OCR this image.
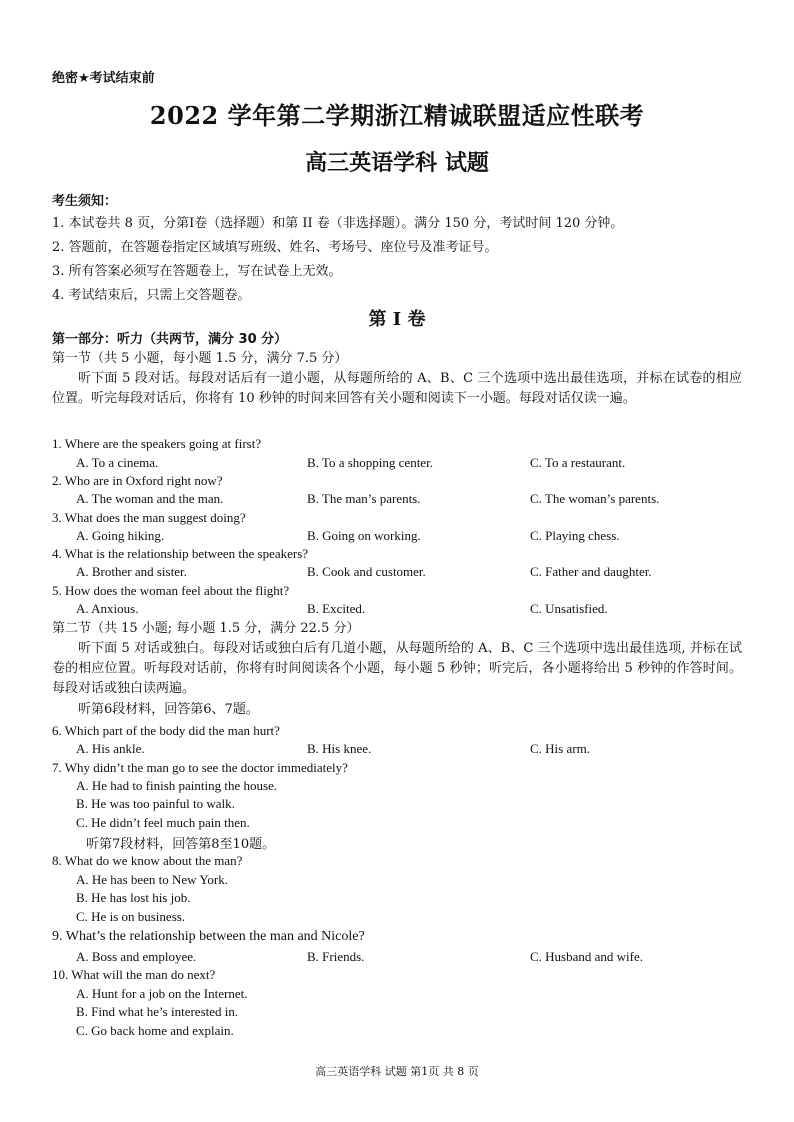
绝密★考试结束前
2022 学年第二学期浙江精诚联盟适应性联考
高三英语学科 试题
考生须知：
1. 本试卷共 8 页，分第I卷（选择题）和第 II 卷（非选择题）。满分 150 分，考试时间 120 分钟。
2. 答题前，在答题卷指定区域填写班级、姓名、考场号、座位号及准考证号。
3. 所有答案必须写在答题卷上，写在试卷上无效。
4. 考试结束后，只需上交答题卷。
第 I 卷
第一部分：听力（共两节，满分 30 分）
第一节（共 5 小题，每小题 1.5 分，满分 7.5 分）
听下面 5 段对话。每段对话后有一道小题，从每题所给的 A、B、C 三个选项中选出最佳选项，并标在试卷的相应位置。听完每段对话后，你将有 10 秒钟的时间来回答有关小题和阅读下一小题。每段对话仅读一遍。
1. Where are the speakers going at first?
A. To a cinema.	B. To a shopping center.	C. To a restaurant.
2. Who are in Oxford right now?
A. The woman and the man.	B. The man’s parents.	C. The woman’s parents.
3. What does the man suggest doing?
A. Going hiking.	B. Going on working.	C. Playing chess.
4. What is the relationship between the speakers?
A. Brother and sister.	B. Cook and customer.	C. Father and daughter.
5. How does the woman feel about the flight?
A. Anxious.	B. Excited.	C. Unsatisfied.
第二节（共 15 小题; 每小题 1.5 分，满分 22.5 分）
听下面 5 对话或独白。每段对话或独白后有几道小题，从每题所给的 A、B、C 三个选项中选出最佳选项, 并标在试卷的相应位置。听每段对话前，你将有时间阅读各个小题，每小题 5 秒钟；听完后，各小题将给出 5 秒钟的作答时间。每段对话或独白读两遍。
听第6段材料，回答第6、7题。
6. Which part of the body did the man hurt?
A. His ankle.	B. His knee.	C. His arm.
7. Why didn’t the man go to see the doctor immediately?
A. He had to finish painting the house.
B. He was too painful to walk.
C. He didn’t feel much pain then.
听第7段材料，回答第8至10题。
8. What do we know about the man?
A. He has been to New York.
B. He has lost his job.
C. He is on business.
9. What’s the relationship between the man and Nicole?
A. Boss and employee.	B. Friends.	C. Husband and wife.
10. What will the man do next?
A. Hunt for a job on the Internet.
B. Find what he’s interested in.
C. Go back home and explain.
高三英语学科 试题 第1页 共 8 页
